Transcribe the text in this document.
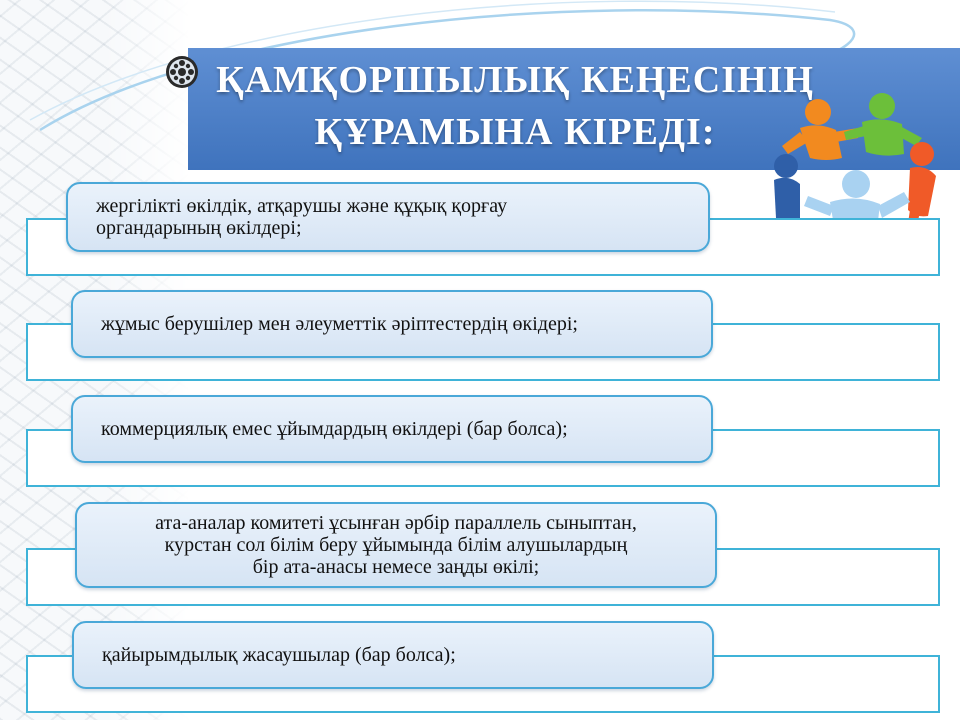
ҚАМҚОРШЫЛЫҚ КЕҢЕСІНІҢ
ҚҰРАМЫНА КІРЕДІ:
жергілікті өкілдік, атқарушы және құқық қорғау
органдарының өкілдері;
жұмыс берушілер мен әлеуметтік әріптестердің өкідері;
коммерциялық емес ұйымдардың өкілдері (бар болса);
ата-аналар комитеті ұсынған әрбір параллель сыныптан,
курстан сол білім беру ұйымында білім алушылардың
бір ата-анасы немесе заңды өкілі;
қайырымдылық жасаушылар (бар болса);
